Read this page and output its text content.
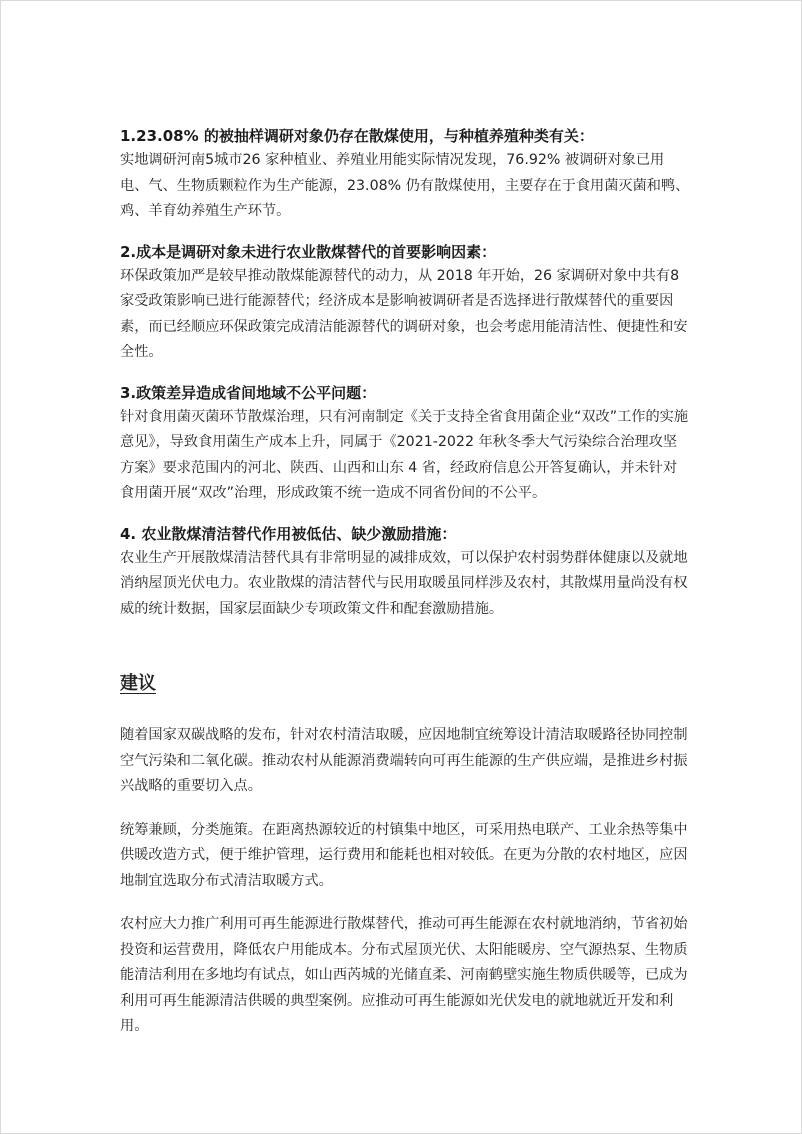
1.23.08% 的被抽样调研对象仍存在散煤使用，与种植养殖种类有关：

实地调研河南5城市26 家种植业、养殖业用能实际情况发现，76.92% 被调研对象已用电、气、生物质颗粒作为生产能源，23.08% 仍有散煤使用，主要存在于食用菌灭菌和鸭、鸡、羊育幼养殖生产环节。

2.成本是调研对象未进行农业散煤替代的首要影响因素：

环保政策加严是较早推动散煤能源替代的动力，从 2018 年开始，26 家调研对象中共有8家受政策影响已进行能源替代；经济成本是影响被调研者是否选择进行散煤替代的重要因素，而已经顺应环保政策完成清洁能源替代的调研对象，也会考虑用能清洁性、便捷性和安全性。

3.政策差异造成省间地域不公平问题：

针对食用菌灭菌环节散煤治理，只有河南制定《关于支持全省食用菌企业“双改”工作的实施意见》，导致食用菌生产成本上升，同属于《2021-2022 年秋冬季大气污染综合治理攻坚方案》要求范围内的河北、陕西、山西和山东 4 省，经政府信息公开答复确认，并未针对食用菌开展“双改”治理，形成政策不统一造成不同省份间的不公平。

4. 农业散煤清洁替代作用被低估、缺少激励措施：

农业生产开展散煤清洁替代具有非常明显的减排成效，可以保护农村弱势群体健康以及就地消纳屋顶光伏电力。农业散煤的清洁替代与民用取暖虽同样涉及农村，其散煤用量尚没有权威的统计数据，国家层面缺少专项政策文件和配套激励措施。

建议

随着国家双碳战略的发布，针对农村清洁取暖，应因地制宜统筹设计清洁取暖路径协同控制空气污染和二氧化碳。推动农村从能源消费端转向可再生能源的生产供应端，是推进乡村振兴战略的重要切入点。

统筹兼顾，分类施策。在距离热源较近的村镇集中地区，可采用热电联产、工业余热等集中供暖改造方式，便于维护管理，运行费用和能耗也相对较低。在更为分散的农村地区，应因地制宜选取分布式清洁取暖方式。

农村应大力推广利用可再生能源进行散煤替代，推动可再生能源在农村就地消纳，节省初始投资和运营费用，降低农户用能成本。分布式屋顶光伏、太阳能暖房、空气源热泵、生物质能清洁利用在多地均有试点，如山西芮城的光储直柔、河南鹤壁实施生物质供暖等，已成为利用可再生能源清洁供暖的典型案例。应推动可再生能源如光伏发电的就地就近开发和利用。
